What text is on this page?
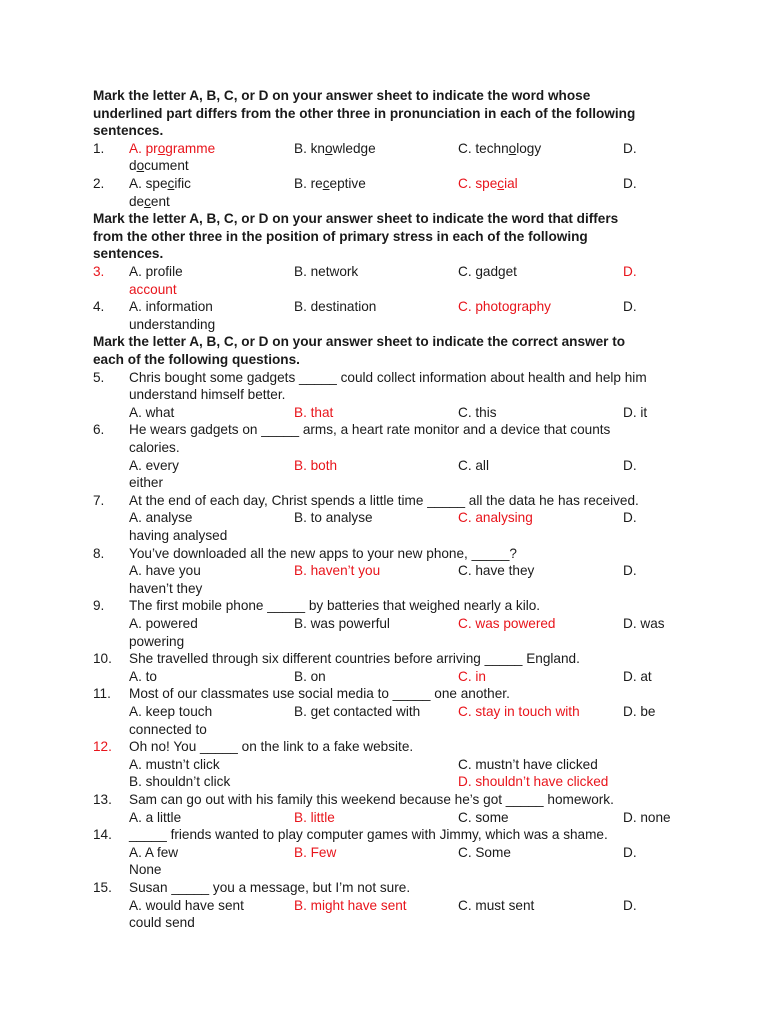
Mark the letter A, B, C, or D on your answer sheet to indicate the word whose
underlined part differs from the other three in pronunciation in each of the following
sentences.
1. A. programme	B. knowledge	C. technology	D.
document
2. A. specific	B. receptive	C. special	D.
decent
Mark the letter A, B, C, or D on your answer sheet to indicate the word that differs
from the other three in the position of primary stress in each of the following
sentences.
3. A. profile	B. network	C. gadget	D.
account
4. A. information	B. destination	C. photography	D.
understanding
Mark the letter A, B, C, or D on your answer sheet to indicate the correct answer to
each of the following questions.
5. Chris bought some gadgets _____ could collect information about health and help him
understand himself better.
A. what	B. that	C. this	D. it
6. He wears gadgets on _____ arms, a heart rate monitor and a device that counts
calories.
A. every	B. both	C. all	D.
either
7. At the end of each day, Christ spends a little time _____ all the data he has received.
A. analyse	B. to analyse	C. analysing	D.
having analysed
8. You’ve downloaded all the new apps to your new phone, _____?
A. have you	B. haven’t you	C. have they	D.
haven’t they
9. The first mobile phone _____ by batteries that weighed nearly a kilo.
A. powered	B. was powerful	C. was powered	D. was
powering
10. She travelled through six different countries before arriving _____ England.
A. to	B. on	C. in	D. at
11. Most of our classmates use social media to _____ one another.
A. keep touch	B. get contacted with	C. stay in touch with	D. be
connected to
12. Oh no! You _____ on the link to a fake website.
A. mustn’t click	C. mustn’t have clicked
B. shouldn’t click	D. shouldn’t have clicked
13. Sam can go out with his family this weekend because he’s got _____ homework.
A. a little	B. little	C. some	D. none
14. _____ friends wanted to play computer games with Jimmy, which was a shame.
A. A few	B. Few	C. Some	D.
None
15. Susan _____ you a message, but I’m not sure.
A. would have sent	B. might have sent	C. must sent	D.
could send
